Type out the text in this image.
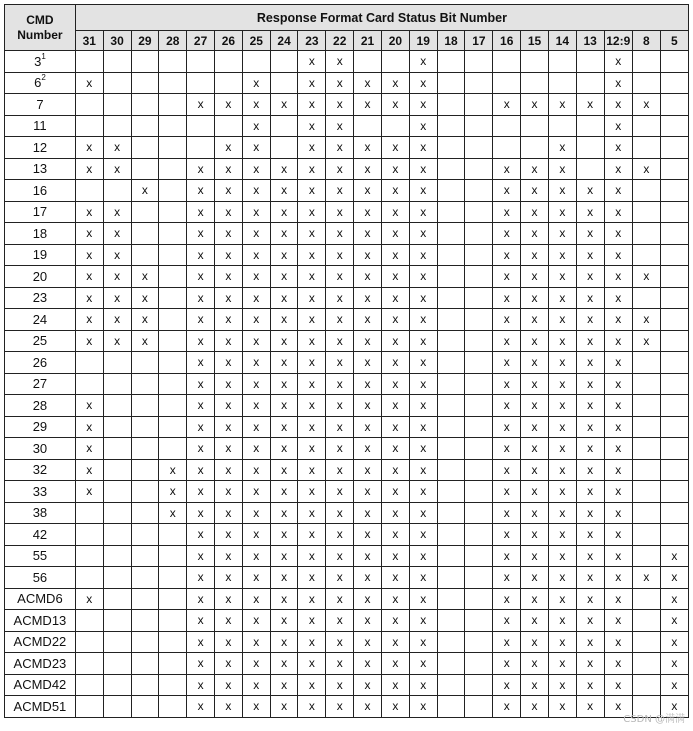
CMD
Number	Response Format Card Status Bit Number																					
	31	30	29	28	27	26	25	24	23	22	21	20	19	18	17	16	15	14	13	12:9	8	5
$3^1$									x	x			x							x		
$6^2$	x						x		x	x	x	x	x							x		
7					x	x	x	x	x	x	x	x	x			x	x	x	x	x	x	
11							x		x	x			x							x		
12	x	x				x	x		x	x	x	x	x					x		x		
13	x	x			x	x	x	x	x	x	x	x	x			x	x	x		x	x	
16			x		x	x	x	x	x	x	x	x	x			x	x	x	x	x		
17	x	x			x	x	x	x	x	x	x	x	x			x	x	x	x	x		
18	x	x			x	x	x	x	x	x	x	x	x			x	x	x	x	x		
19	x	x			x	x	x	x	x	x	x	x	x			x	x	x	x	x		
20	x	x	x		x	x	x	x	x	x	x	x	x			x	x	x	x	x	x	
23	x	x	x		x	x	x	x	x	x	x	x	x			x	x	x	x	x		
24	x	x	x		x	x	x	x	x	x	x	x	x			x	x	x	x	x	x	
25	x	x	x		x	x	x	x	x	x	x	x	x			x	x	x	x	x	x	
26					x	x	x	x	x	x	x	x	x			x	x	x	x	x		
27					x	x	x	x	x	x	x	x	x			x	x	x	x	x		
28	x				x	x	x	x	x	x	x	x	x			x	x	x	x	x		
29	x				x	x	x	x	x	x	x	x	x			x	x	x	x	x		
30	x				x	x	x	x	x	x	x	x	x			x	x	x	x	x		
32	x			x	x	x	x	x	x	x	x	x	x			x	x	x	x	x		
33	x			x	x	x	x	x	x	x	x	x	x			x	x	x	x	x		
38				x	x	x	x	x	x	x	x	x	x			x	x	x	x	x		
42					x	x	x	x	x	x	x	x	x			x	x	x	x	x		
55					x	x	x	x	x	x	x	x	x			x	x	x	x	x		x
56					x	x	x	x	x	x	x	x	x			x	x	x	x	x	x	x
ACMD6	x				x	x	x	x	x	x	x	x	x			x	x	x	x	x		x
ACMD13					x	x	x	x	x	x	x	x	x			x	x	x	x	x		x
ACMD22					x	x	x	x	x	x	x	x	x			x	x	x	x	x		x
ACMD23					x	x	x	x	x	x	x	x	x			x	x	x	x	x		x
ACMD42					x	x	x	x	x	x	x	x	x			x	x	x	x	x		x
ACMD51					x	x	x	x	x	x	x	x	x			x	x	x	x	x		x
CSDN @满满
